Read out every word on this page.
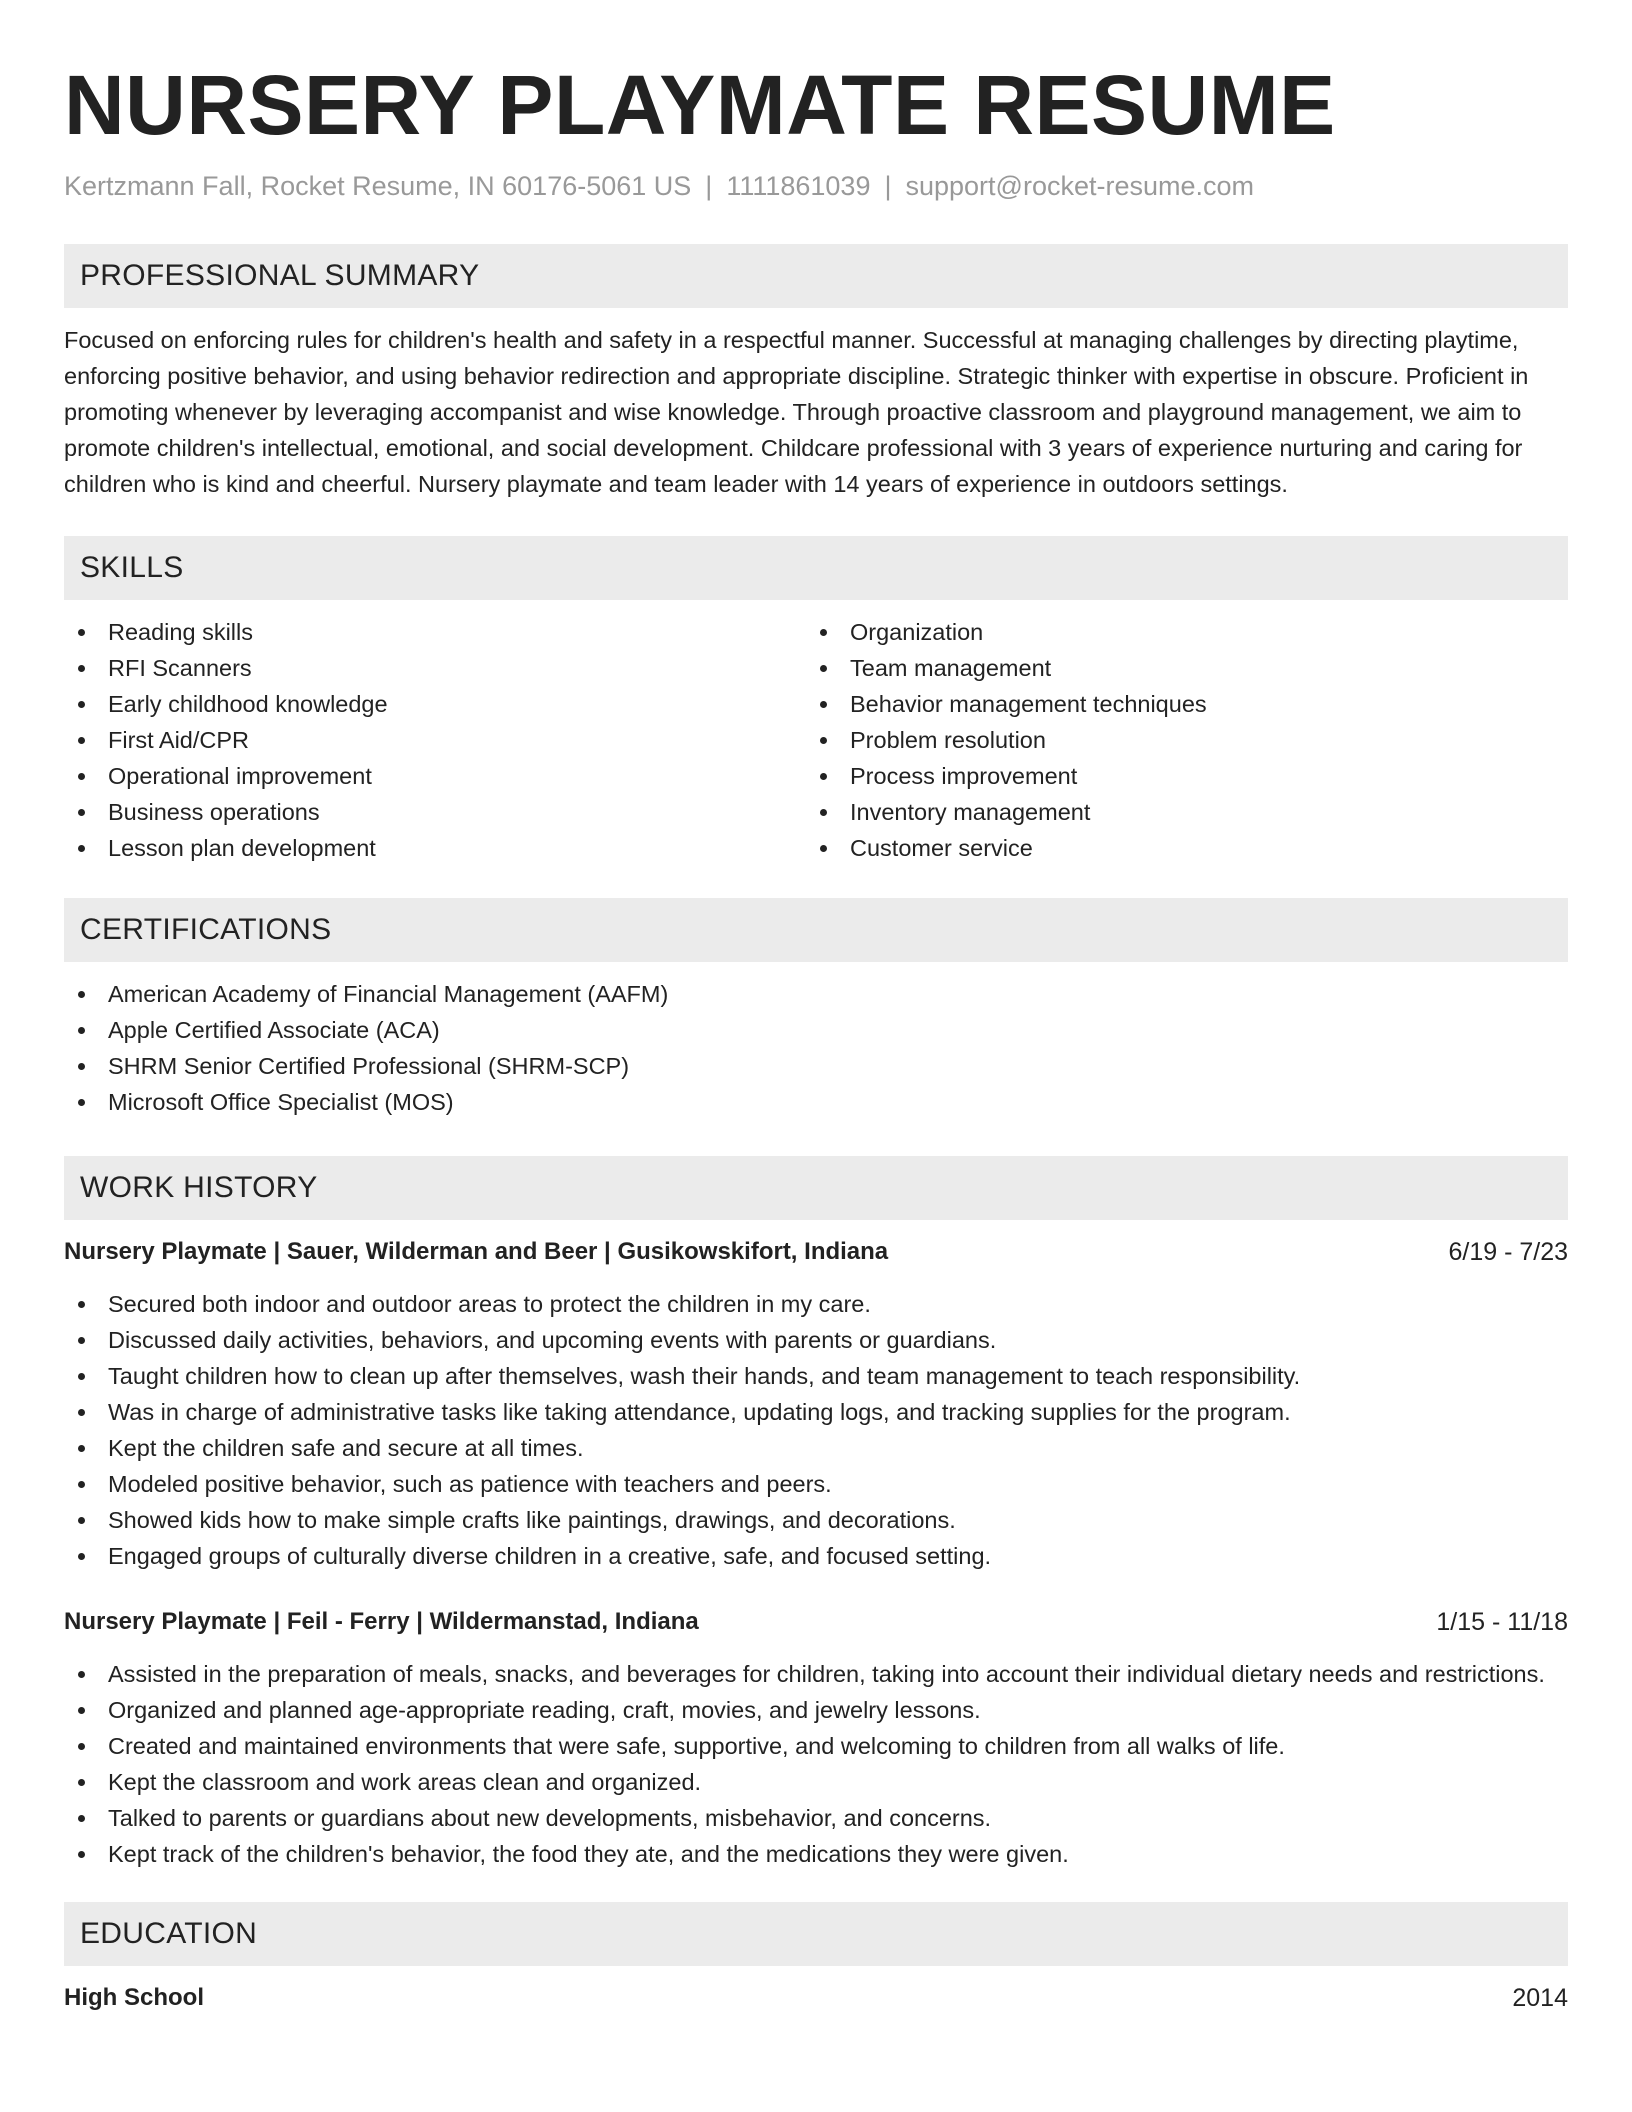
NURSERY PLAYMATE RESUME
Kertzmann Fall, Rocket Resume, IN 60176-5061 US | 1111861039 | support@rocket-resume.com
PROFESSIONAL SUMMARY

Focused on enforcing rules for children's health and safety in a respectful manner. Successful at managing challenges by directing playtime, enforcing positive behavior, and using behavior redirection and appropriate discipline. Strategic thinker with expertise in obscure. Proficient in promoting whenever by leveraging accompanist and wise knowledge. Through proactive classroom and playground management, we aim to promote children's intellectual, emotional, and social development. Childcare professional with 3 years of experience nurturing and caring for children who is kind and cheerful. Nursery playmate and team leader with 14 years of experience in outdoors settings.

SKILLS
Reading skills
RFI Scanners
Early childhood knowledge
First Aid/CPR
Operational improvement
Business operations
Lesson plan development
Organization
Team management
Behavior management techniques
Problem resolution
Process improvement
Inventory management
Customer service
CERTIFICATIONS
American Academy of Financial Management (AAFM)
Apple Certified Associate (ACA)
SHRM Senior Certified Professional (SHRM-SCP)
Microsoft Office Specialist (MOS)
WORK HISTORY
Nursery Playmate | Sauer, Wilderman and Beer | Gusikowskifort, Indiana	6/19 - 7/23
Secured both indoor and outdoor areas to protect the children in my care.
Discussed daily activities, behaviors, and upcoming events with parents or guardians.
Taught children how to clean up after themselves, wash their hands, and team management to teach responsibility.
Was in charge of administrative tasks like taking attendance, updating logs, and tracking supplies for the program.
Kept the children safe and secure at all times.
Modeled positive behavior, such as patience with teachers and peers.
Showed kids how to make simple crafts like paintings, drawings, and decorations.
Engaged groups of culturally diverse children in a creative, safe, and focused setting.
Nursery Playmate | Feil - Ferry | Wildermanstad, Indiana	1/15 - 11/18
Assisted in the preparation of meals, snacks, and beverages for children, taking into account their individual dietary needs and restrictions.
Organized and planned age-appropriate reading, craft, movies, and jewelry lessons.
Created and maintained environments that were safe, supportive, and welcoming to children from all walks of life.
Kept the classroom and work areas clean and organized.
Talked to parents or guardians about new developments, misbehavior, and concerns.
Kept track of the children's behavior, the food they ate, and the medications they were given.
EDUCATION
High School	2014
